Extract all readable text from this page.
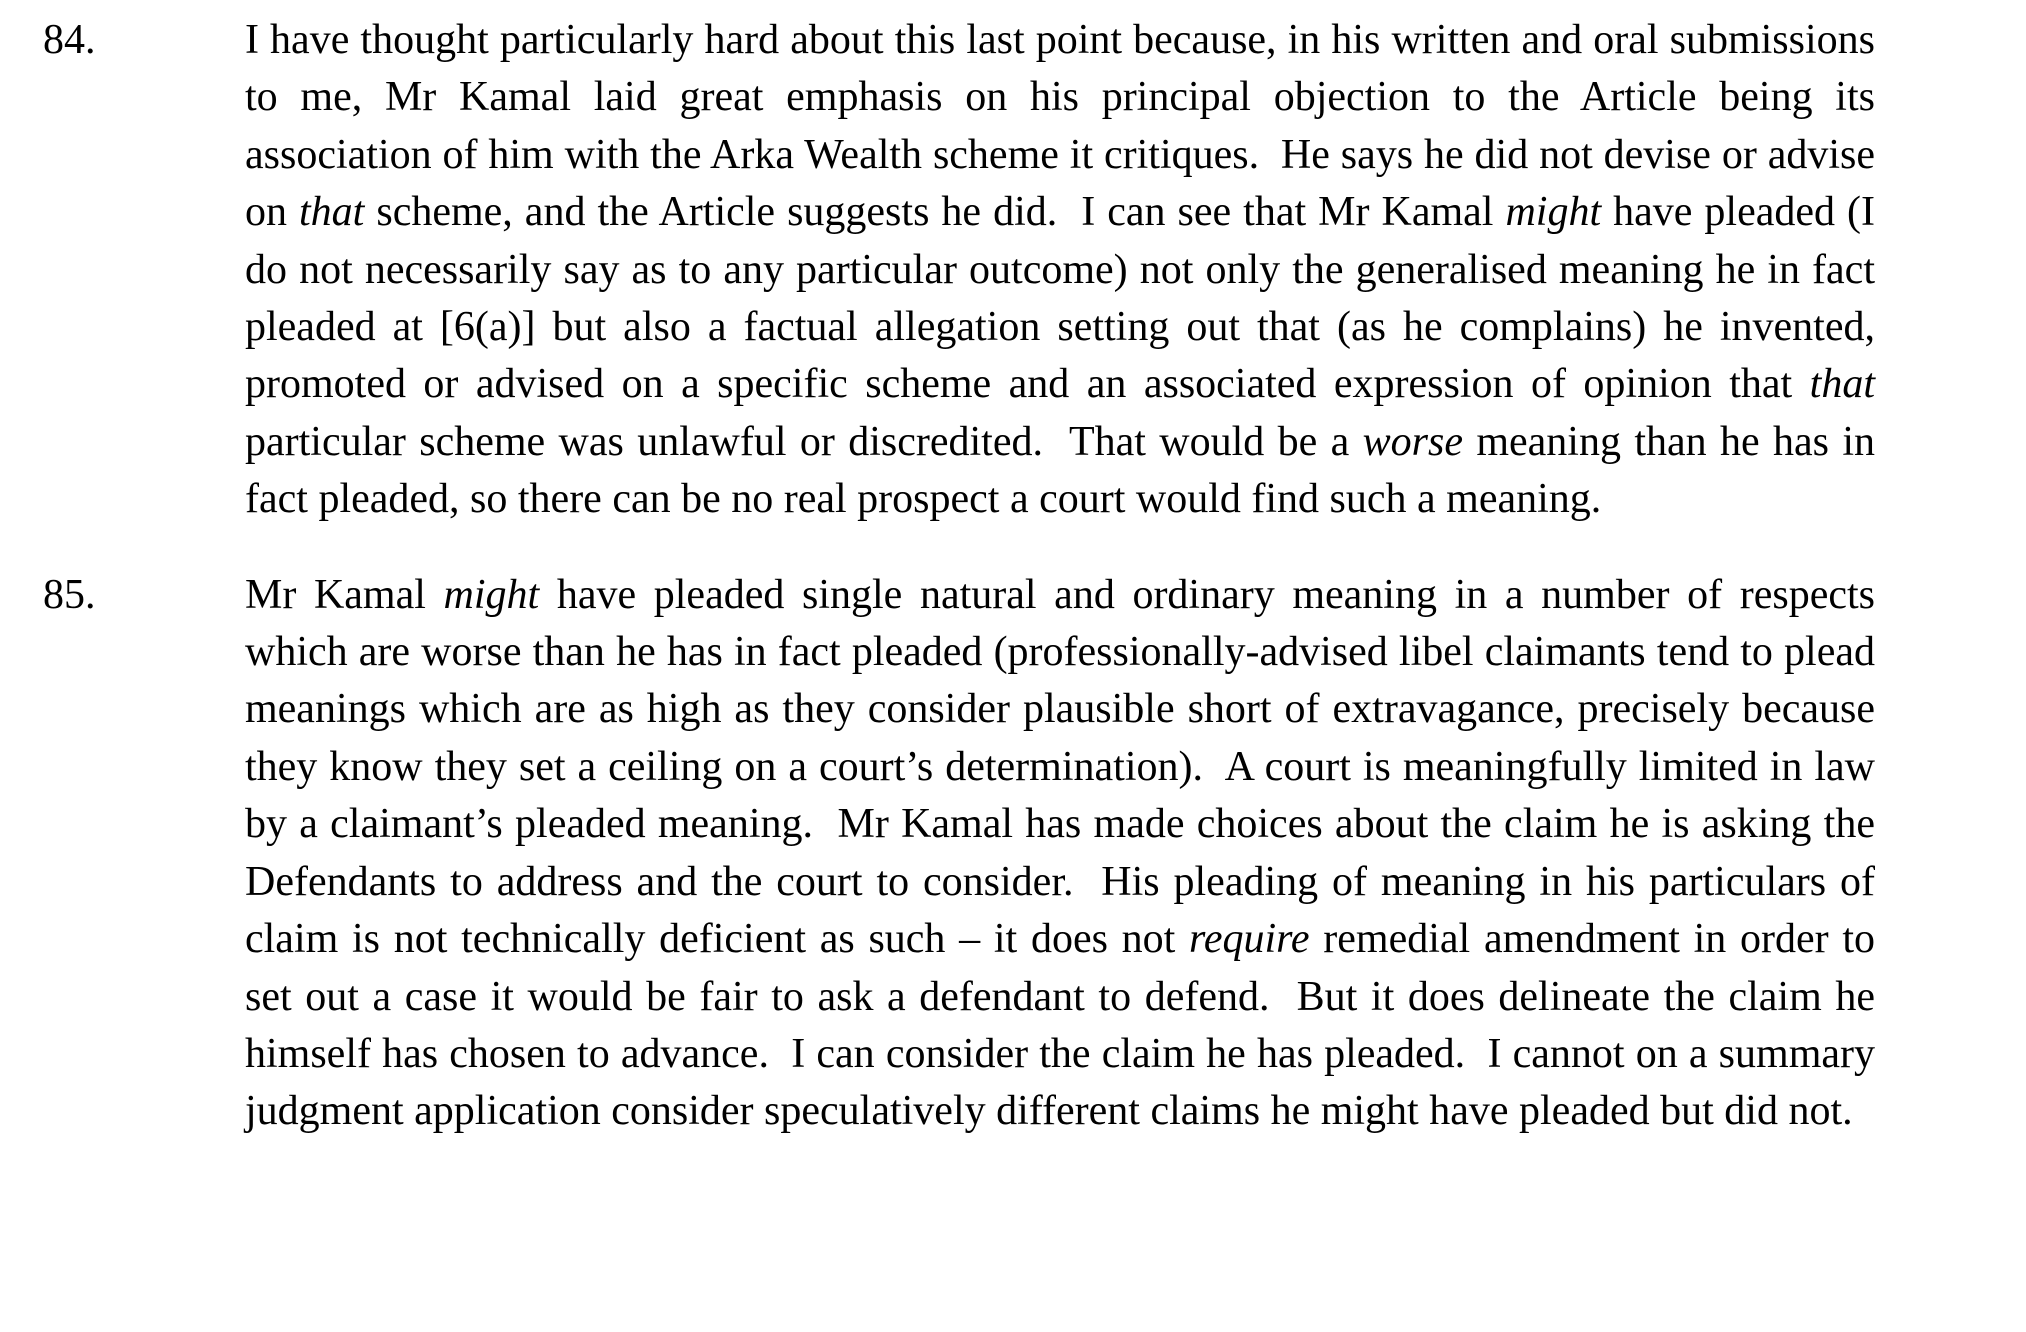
84.	I have thought particularly hard about this last point because, in his written and oral submissions to me, Mr Kamal laid great emphasis on his principal objection to the Article being its association of him with the Arka Wealth scheme it critiques.  He says he did not devise or advise on that scheme, and the Article suggests he did.  I can see that Mr Kamal might have pleaded (I do not necessarily say as to any particular outcome) not only the generalised meaning he in fact pleaded at [6(a)] but also a factual allegation setting out that (as he complains) he invented, promoted or advised on a specific scheme and an associated expression of opinion that that particular scheme was unlawful or discredited.  That would be a worse meaning than he has in fact pleaded, so there can be no real prospect a court would find such a meaning.

85.	Mr Kamal might have pleaded single natural and ordinary meaning in a number of respects which are worse than he has in fact pleaded (professionally-advised libel claimants tend to plead meanings which are as high as they consider plausible short of extravagance, precisely because they know they set a ceiling on a court’s determination).  A court is meaningfully limited in law by a claimant’s pleaded meaning.  Mr Kamal has made choices about the claim he is asking the Defendants to address and the court to consider.  His pleading of meaning in his particulars of claim is not technically deficient as such – it does not require remedial amendment in order to set out a case it would be fair to ask a defendant to defend.  But it does delineate the claim he himself has chosen to advance.  I can consider the claim he has pleaded.  I cannot on a summary judgment application consider speculatively different claims he might have pleaded but did not.
